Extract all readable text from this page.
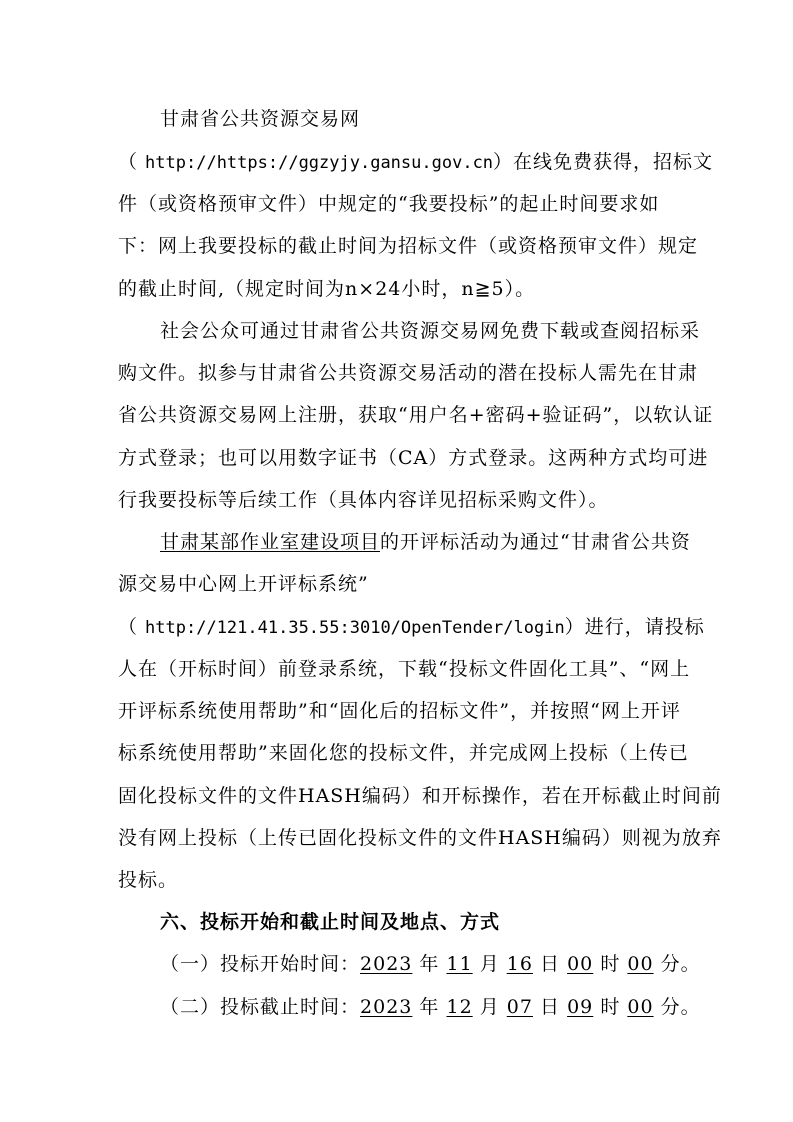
甘肃省公共资源交易网

（ http://https://ggzyjy.gansu.gov.cn）在线免费获得，招标文

件（或资格预审文件）中规定的“我要投标”的起止时间要求如

下：网上我要投标的截止时间为招标文件（或资格预审文件）规定

的截止时间,（规定时间为n×24小时，n≧5）。

社会公众可通过甘肃省公共资源交易网免费下载或查阅招标采

购文件。拟参与甘肃省公共资源交易活动的潜在投标人需先在甘肃

省公共资源交易网上注册，获取“用户名+密码+验证码”，以软认证

方式登录；也可以用数字证书（CA）方式登录。这两种方式均可进

行我要投标等后续工作（具体内容详见招标采购文件）。

甘肃某部作业室建设项目的开评标活动为通过“甘肃省公共资

源交易中心网上开评标系统”

（ http://121.41.35.55:3010/OpenTender/login）进行，请投标

人在（开标时间）前登录系统，下载“投标文件固化工具”、“网上

开评标系统使用帮助”和“固化后的招标文件”，并按照“网上开评

标系统使用帮助”来固化您的投标文件，并完成网上投标（上传已

固化投标文件的文件HASH编码）和开标操作，若在开标截止时间前

没有网上投标（上传已固化投标文件的文件HASH编码）则视为放弃

投标。

六、投标开始和截止时间及地点、方式

（一）投标开始时间：2023 年 11 月 16 日 00 时 00 分。

（二）投标截止时间：2023 年 12 月 07 日 09 时 00 分。
